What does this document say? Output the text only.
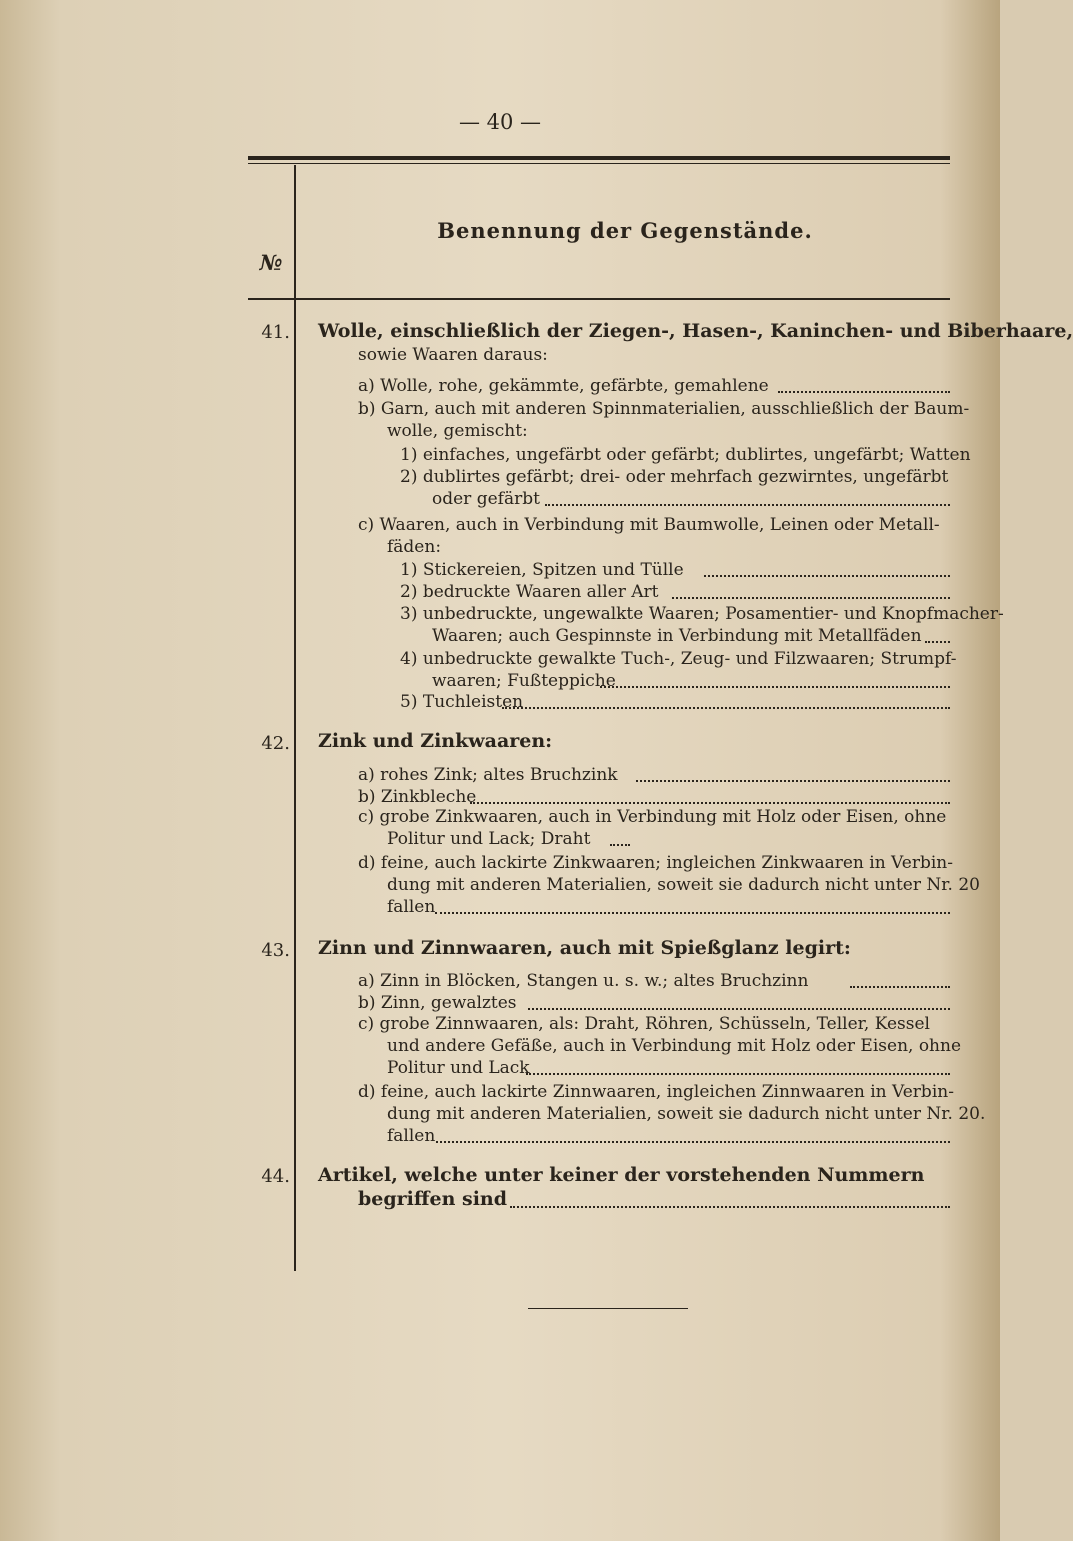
— 40 —
№
Benennung der Gegenstände.
41. Wolle, einschließlich der Ziegen-, Hasen-, Kaninchen- und Biberhaare,
sowie Waaren daraus:
a) Wolle, rohe, gekämmte, gefärbte, gemahlene
b) Garn, auch mit anderen Spinnmaterialien, ausschließlich der Baum-
wolle, gemischt:
1) einfaches, ungefärbt oder gefärbt; dublirtes, ungefärbt; Watten
2) dublirtes gefärbt; drei- oder mehrfach gezwirntes, ungefärbt
oder gefärbt
c) Waaren, auch in Verbindung mit Baumwolle, Leinen oder Metall-
fäden:
1) Stickereien, Spitzen und Tülle
2) bedruckte Waaren aller Art
3) unbedruckte, ungewalkte Waaren; Posamentier- und Knopfmacher-
Waaren; auch Gespinnste in Verbindung mit Metallfäden
4) unbedruckte gewalkte Tuch-, Zeug- und Filzwaaren; Strumpf-
waaren; Fußteppiche
5) Tuchleisten
42. Zink und Zinkwaaren:
a) rohes Zink; altes Bruchzink
b) Zinkbleche
c) grobe Zinkwaaren, auch in Verbindung mit Holz oder Eisen, ohne
Politur und Lack; Draht
d) feine, auch lackirte Zinkwaaren; ingleichen Zinkwaaren in Verbin-
dung mit anderen Materialien, soweit sie dadurch nicht unter Nr. 20
fallen
43. Zinn und Zinnwaaren, auch mit Spießglanz legirt:
a) Zinn in Blöcken, Stangen u. s. w.; altes Bruchzinn
b) Zinn, gewalztes
c) grobe Zinnwaaren, als: Draht, Röhren, Schüsseln, Teller, Kessel
und andere Gefäße, auch in Verbindung mit Holz oder Eisen, ohne
Politur und Lack
d) feine, auch lackirte Zinnwaaren, ingleichen Zinnwaaren in Verbin-
dung mit anderen Materialien, soweit sie dadurch nicht unter Nr. 20.
fallen
44. Artikel, welche unter keiner der vorstehenden Nummern
begriffen sind
